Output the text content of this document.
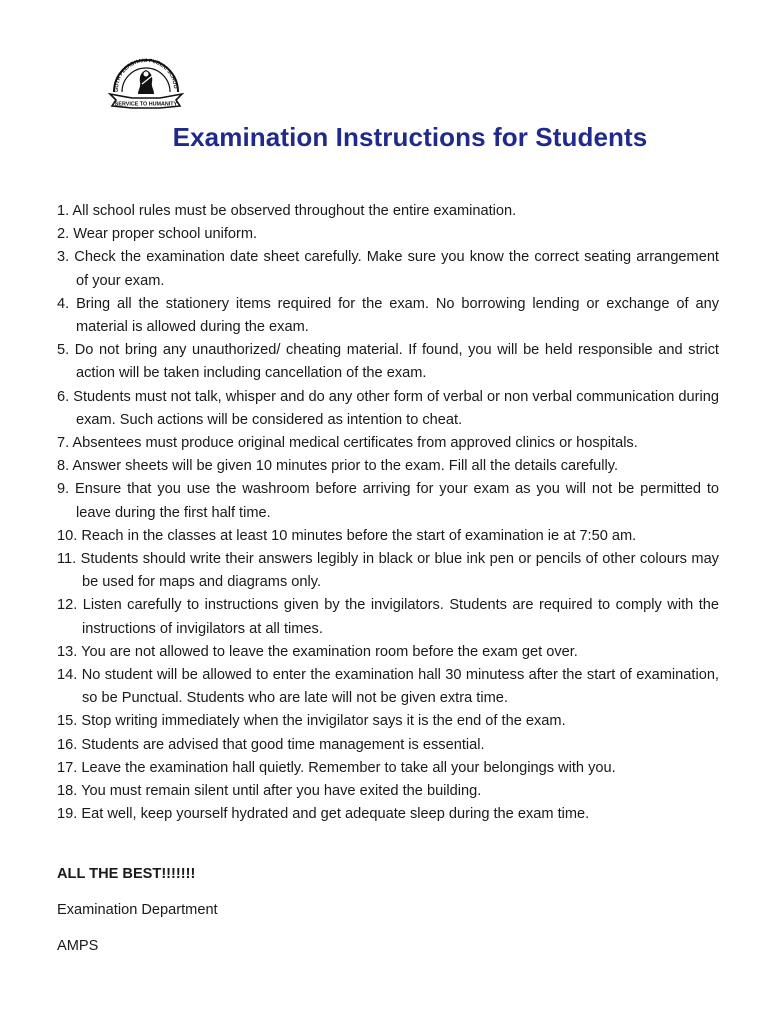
GOTH PEERDHANI PUBLIC SCHOO
SERVICE TO HUMANITY
Examination Instructions for Students
1. All school rules must be observed throughout the entire examination.
2. Wear proper school uniform.
3. Check the examination date sheet carefully. Make sure you know the correct seating arrangement of your exam.
4. Bring all the stationery items required for the exam. No borrowing lending or exchange of any material is allowed during the exam.
5. Do not bring any unauthorized/ cheating material. If found, you will be held responsible and strict action will be taken including cancellation of the exam.
6. Students must not talk, whisper and do any other form of verbal or non verbal communication during exam. Such actions will be considered as intention to cheat.
7. Absentees must produce original medical certificates from approved clinics or hospitals.
8. Answer sheets will be given 10 minutes prior to the exam. Fill all the details carefully.
9. Ensure that you use the washroom before arriving for your exam as you will not be permitted to leave during the first half time.
10. Reach in the classes at least 10 minutes before the start of examination ie at 7:50 am.
11. Students should write their answers legibly in black or blue ink pen or pencils of other colours may be used for maps and diagrams only.
12. Listen carefully to instructions given by the invigilators. Students are required to comply with the instructions of invigilators at all times.
13. You are not allowed to leave the examination room before the exam get over.
14. No student will be allowed to enter the examination hall 30 minutess after the start of examination, so be Punctual. Students who are late will not be given extra time.
15. Stop writing immediately when the invigilator says it is the end of the exam.
16. Students are advised that good time management is essential.
17. Leave the examination hall quietly. Remember to take all your belongings with you.
18. You must remain silent until after you have exited the building.
19. Eat well, keep yourself hydrated and get adequate sleep during the exam time.
ALL THE BEST!!!!!!!
Examination Department
AMPS
